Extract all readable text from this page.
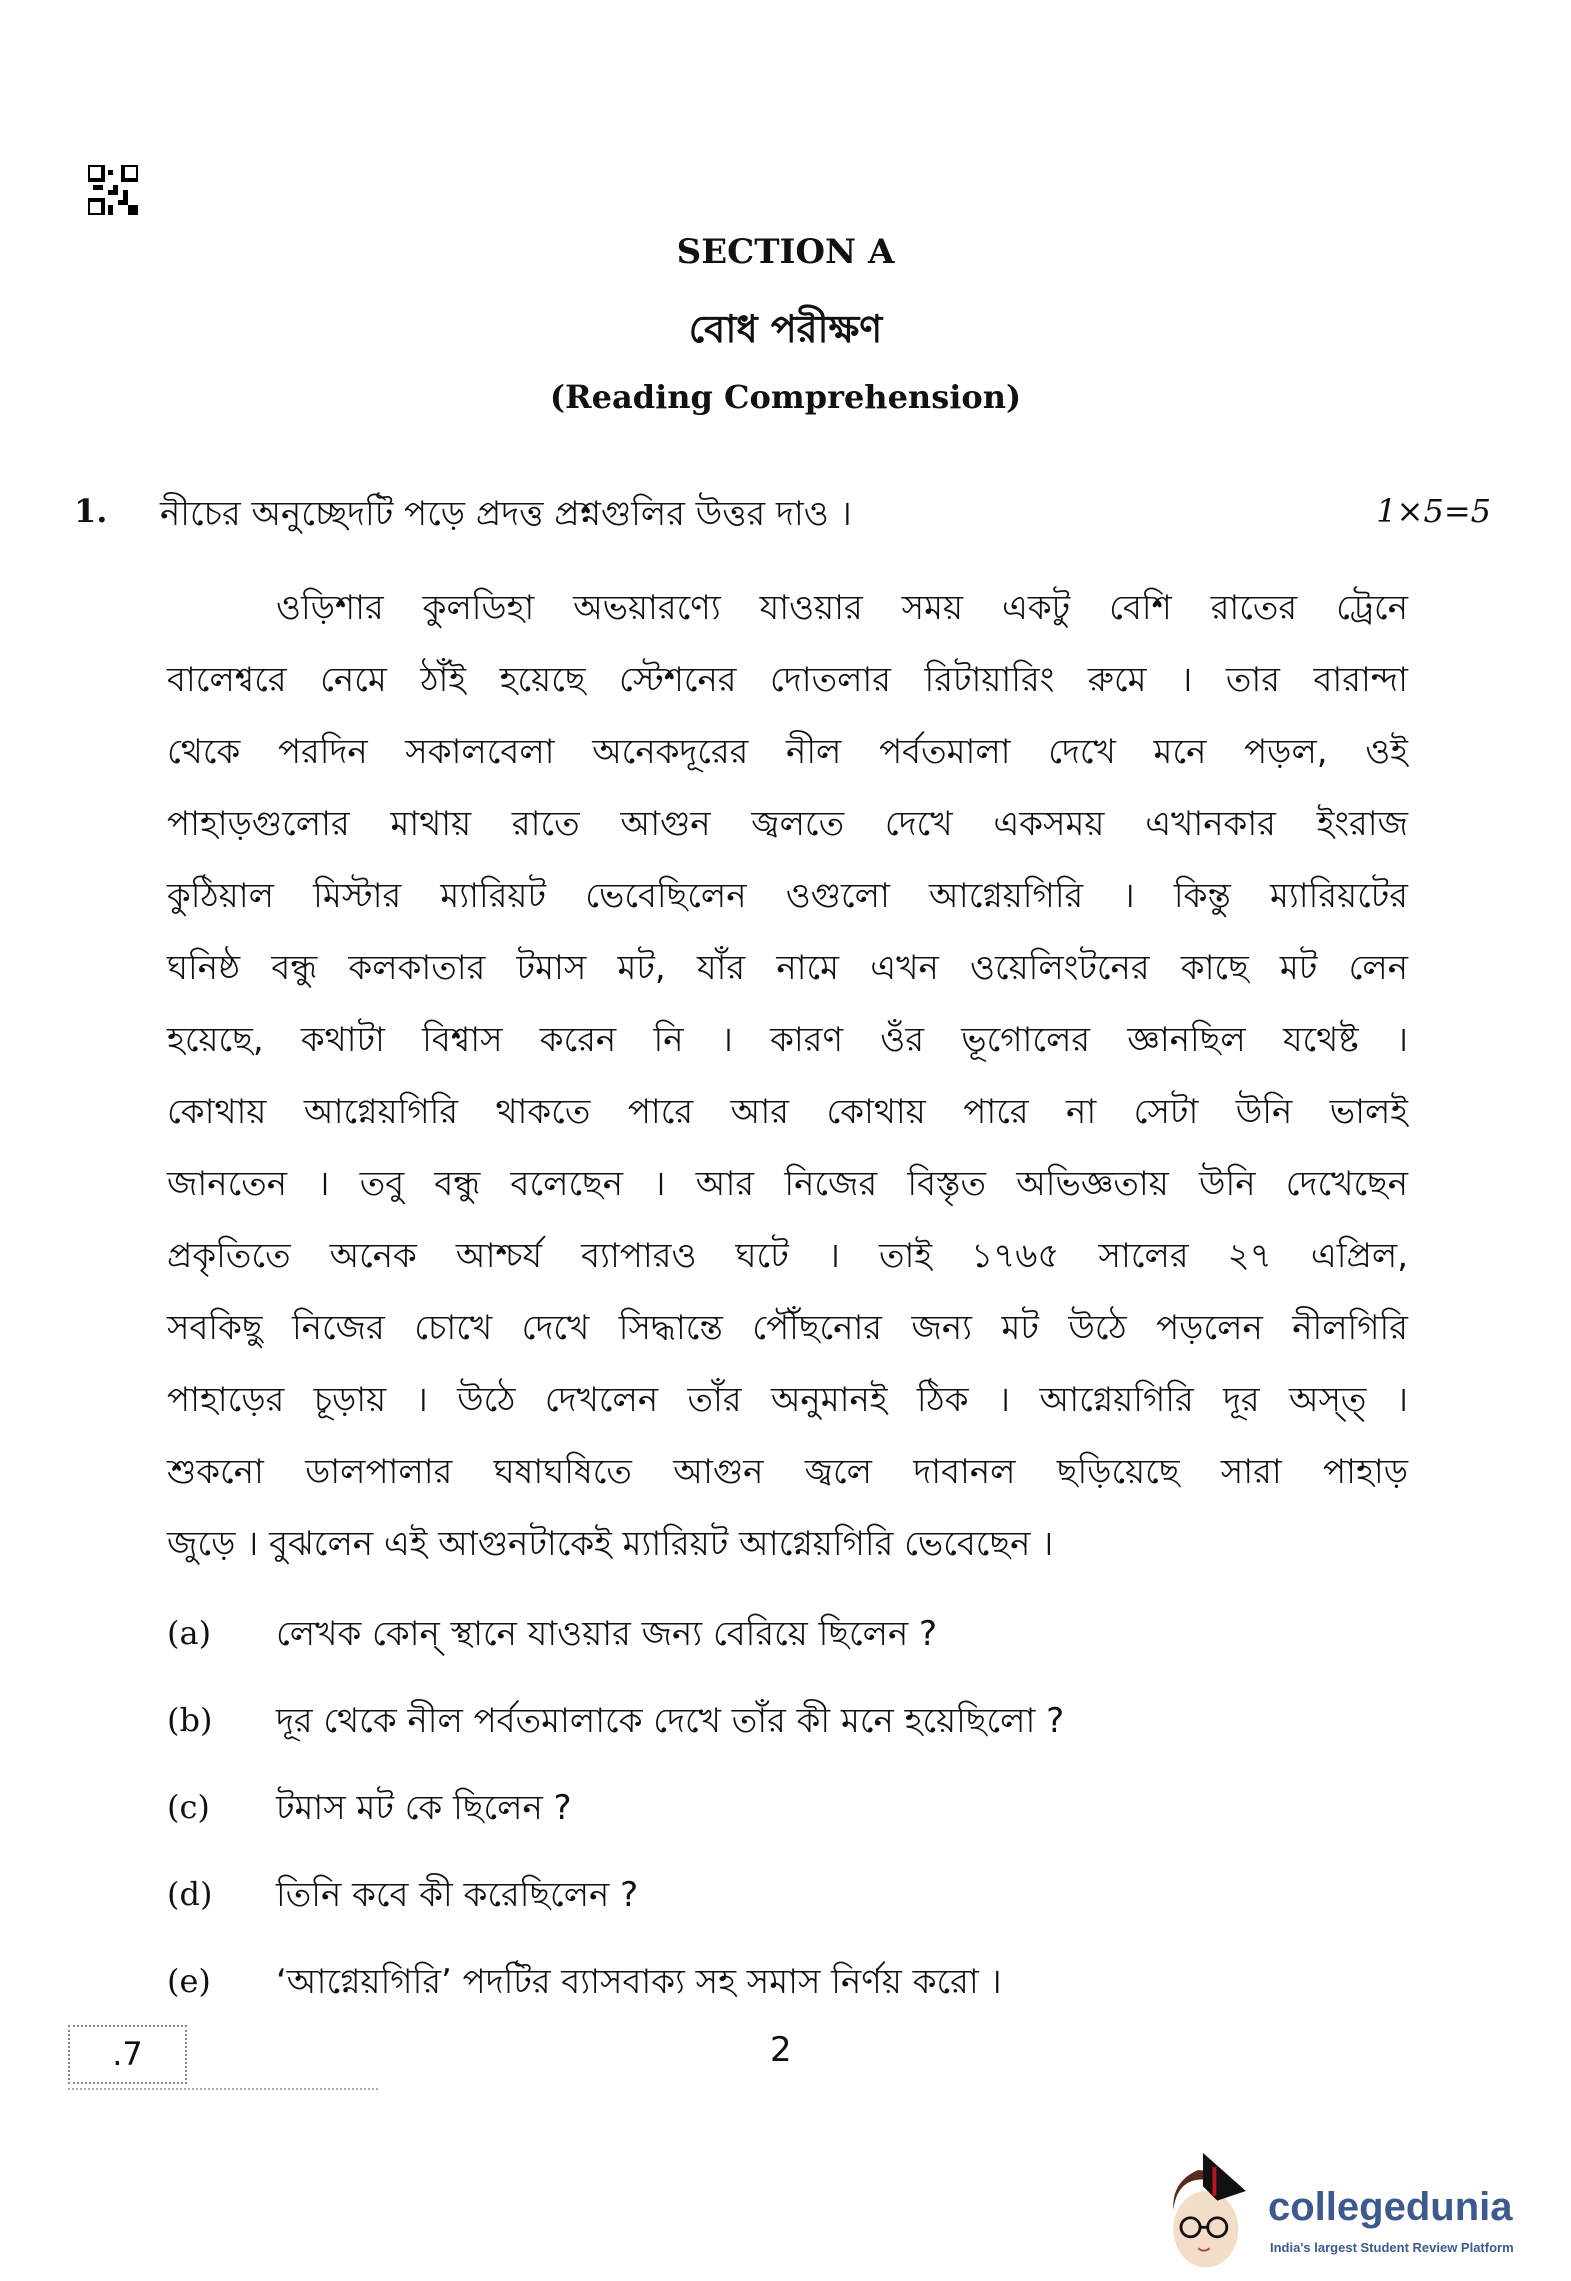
SECTION A
বোধ পরীক্ষণ
(Reading Comprehension)
1. নীচের অনুচ্ছেদটি পড়ে প্রদত্ত প্রশ্নগুলির উত্তর দাও ।	1×5=5
ওড়িশার কুলডিহা অভয়ারণ্যে যাওয়ার সময় একটু বেশি রাতের ট্রেনে
বালেশ্বরে নেমে ঠাঁই হয়েছে স্টেশনের দোতলার রিটায়ারিং রুমে । তার বারান্দা
থেকে পরদিন সকালবেলা অনেকদূরের নীল পর্বতমালা দেখে মনে পড়ল, ওই
পাহাড়গুলোর মাথায় রাতে আগুন জ্বলতে দেখে একসময় এখানকার ইংরাজ
কুঠিয়াল মিস্টার ম্যারিয়ট ভেবেছিলেন ওগুলো আগ্নেয়গিরি । কিন্তু ম্যারিয়টের
ঘনিষ্ঠ বন্ধু কলকাতার টমাস মট, যাঁর নামে এখন ওয়েলিংটনের কাছে মট লেন
হয়েছে, কথাটা বিশ্বাস করেন নি । কারণ ওঁর ভূগোলের জ্ঞানছিল যথেষ্ট ।
কোথায় আগ্নেয়গিরি থাকতে পারে আর কোথায় পারে না সেটা উনি ভালই
জানতেন । তবু বন্ধু বলেছেন । আর নিজের বিস্তৃত অভিজ্ঞতায় উনি দেখেছেন
প্রকৃতিতে অনেক আশ্চর্য ব্যাপারও ঘটে । তাই ১৭৬৫ সালের ২৭ এপ্রিল,
সবকিছু নিজের চোখে দেখে সিদ্ধান্তে পৌঁছনোর জন্য মট উঠে পড়লেন নীলগিরি
পাহাড়ের চূড়ায় । উঠে দেখলেন তাঁর অনুমানই ঠিক । আগ্নেয়গিরি দূর অস্ত্ ।
শুকনো ডালপালার ঘষাঘষিতে আগুন জ্বলে দাবানল ছড়িয়েছে সারা পাহাড়
জুড়ে । বুঝলেন এই আগুনটাকেই ম্যারিয়ট আগ্নেয়গিরি ভেবেছেন ।
(a) লেখক কোন্ স্থানে যাওয়ার জন্য বেরিয়ে ছিলেন ?
(b) দূর থেকে নীল পর্বতমালাকে দেখে তাঁর কী মনে হয়েছিলো ?
(c) টমাস মট কে ছিলেন ?
(d) তিনি কবে কী করেছিলেন ?
(e) ‘আগ্নেয়গিরি’ পদটির ব্যাসবাক্য সহ সমাস নির্ণয় করো ।
.7	2
collegedunia
India's largest Student Review Platform
